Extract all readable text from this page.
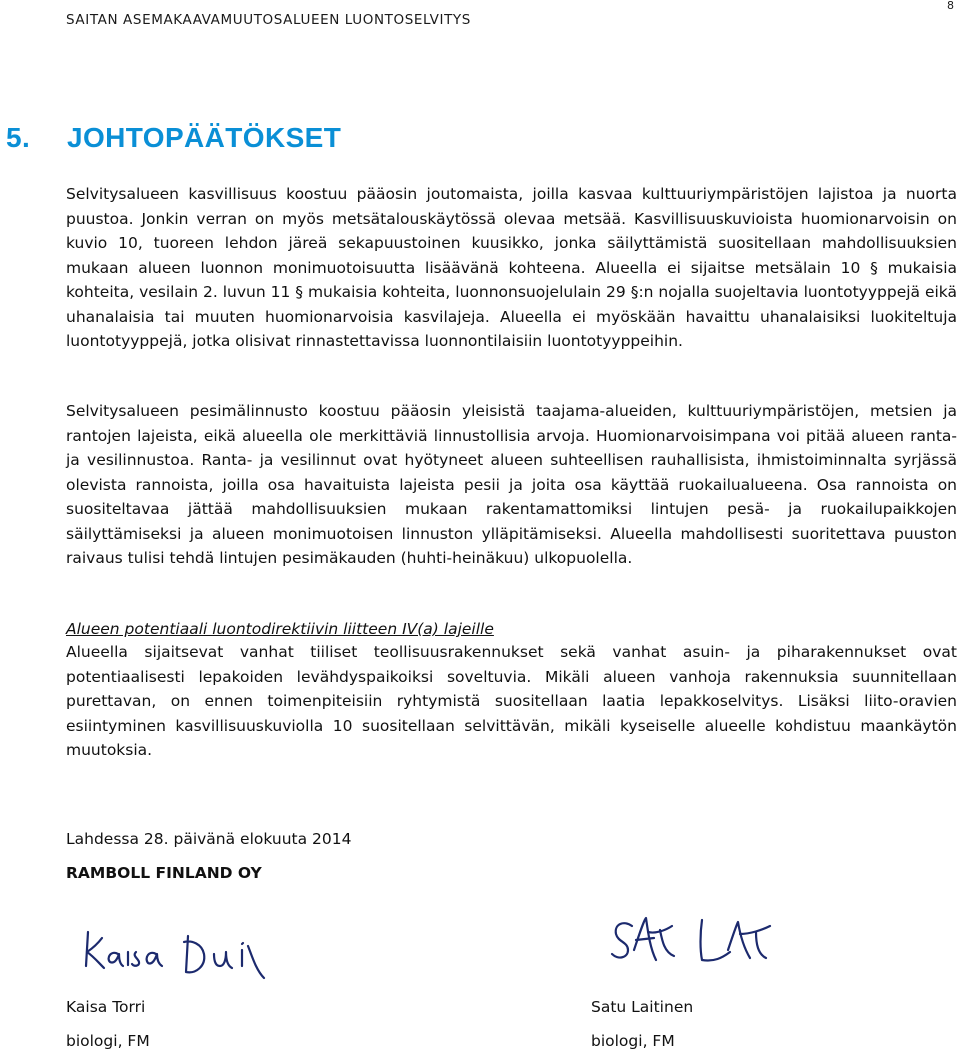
SAITAN ASEMAKAAVAMUUTOSALUEEN LUONTOSELVITYS
8
5. JOHTOPÄÄTÖKSET

Selvitysalueen kasvillisuus koostuu pääosin joutomaista, joilla kasvaa kulttuuriympäristöjen lajistoa ja nuorta puustoa. Jonkin verran on myös metsätalouskäytössä olevaa metsää. Kasvillisuuskuvioista huomionarvoisin on kuvio 10, tuoreen lehdon järeä sekapuustoinen kuusikko, jonka säilyttämistä suositellaan mahdollisuuksien mukaan alueen luonnon monimuotoisuutta lisäävänä kohteena. Alueella ei sijaitse metsälain 10 § mukaisia kohteita, vesilain 2. luvun 11 § mukaisia kohteita, luonnonsuojelulain 29 §:n nojalla suojeltavia luontotyyppejä eikä uhanalaisia tai muuten huomionarvoisia kasvilajeja. Alueella ei myöskään havaittu uhanalaisiksi luokiteltuja luontotyyppejä, jotka olisivat rinnastettavissa luonnontilaisiin luontotyyppeihin.

Selvitysalueen pesimälinnusto koostuu pääosin yleisistä taajama-alueiden, kulttuuriympäristöjen, metsien ja rantojen lajeista, eikä alueella ole merkittäviä linnustollisia arvoja. Huomionarvoisimpana voi pitää alueen ranta- ja vesilinnustoa. Ranta- ja vesilinnut ovat hyötyneet alueen suhteellisen rauhallisista, ihmistoiminnalta syrjässä olevista rannoista, joilla osa havaituista lajeista pesii ja joita osa käyttää ruokailualueena. Osa rannoista on suositeltavaa jättää mahdollisuuksien mukaan rakentamattomiksi lintujen pesä- ja ruokailupaikkojen säilyttämiseksi ja alueen monimuotoisen linnuston ylläpitämiseksi. Alueella mahdollisesti suoritettava puuston raivaus tulisi tehdä lintujen pesimäkauden (huhti-heinäkuu) ulkopuolella.

Alueen potentiaali luontodirektiivin liitteen IV(a) lajeille

Alueella sijaitsevat vanhat tiiliset teollisuusrakennukset sekä vanhat asuin- ja piharakennukset ovat potentiaalisesti lepakoiden levähdyspaikoiksi soveltuvia. Mikäli alueen vanhoja rakennuksia suunnitellaan purettavan, on ennen toimenpiteisiin ryhtymistä suositellaan laatia lepakkoselvitys. Lisäksi liito-oravien esiintyminen kasvillisuuskuviolla 10 suositellaan selvittävän, mikäli kyseiselle alueelle kohdistuu maankäytön muutoksia.

Lahdessa 28. päivänä elokuuta 2014
RAMBOLL FINLAND OY
Kaisa Torri
biologi, FM
Satu Laitinen
biologi, FM
